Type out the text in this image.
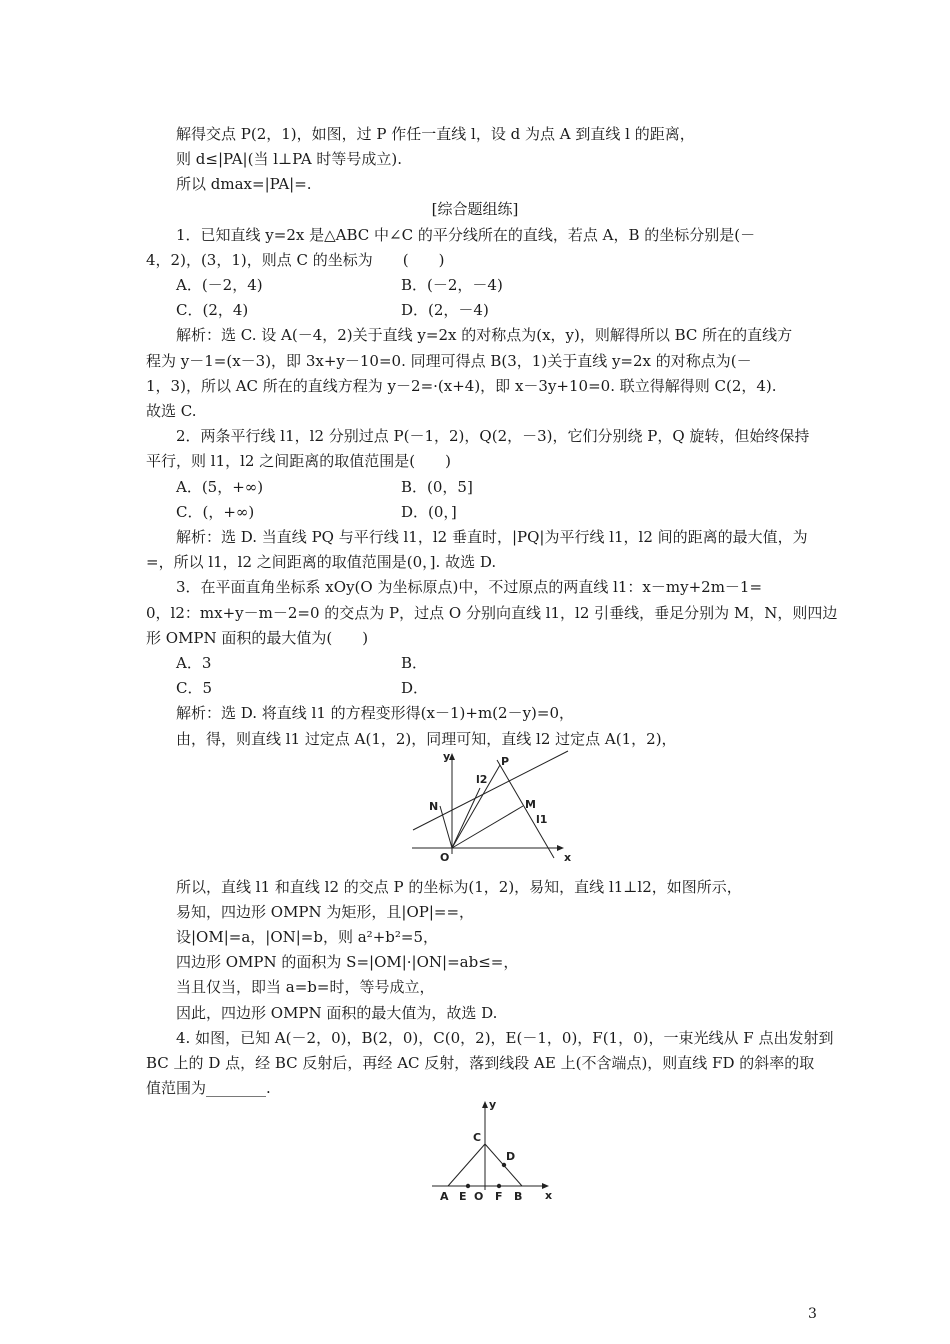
解得交点 P(2，1)，如图，过 P 作任一直线 l，设 d 为点 A 到直线 l 的距离，
则 d≤|PA|(当 l⊥PA 时等号成立).
所以 dmax=|PA|=.
[综合题组练]
1．已知直线 y=2x 是△ABC 中∠C 的平分线所在的直线，若点 A，B 的坐标分别是(－
4，2)，(3，1)，则点 C 的坐标为　　(　　)
A．(－2，4)	B．(－2，－4)
C．(2，4)	D．(2，－4)
解析：选 C. 设 A(－4，2)关于直线 y=2x 的对称点为(x，y)，则解得所以 BC 所在的直线方
程为 y－1=(x－3)，即 3x+y－10=0. 同理可得点 B(3，1)关于直线 y=2x 的对称点为(－
1，3)，所以 AC 所在的直线方程为 y－2=·(x+4)，即 x－3y+10=0. 联立得解得则 C(2，4).
故选 C.
2．两条平行线 l1，l2 分别过点 P(－1，2)，Q(2，－3)，它们分别绕 P，Q 旋转，但始终保持
平行，则 l1，l2 之间距离的取值范围是(　　)
A．(5，+∞)	B．(0，5]
C．(，+∞)	D．(0，]
解析：选 D. 当直线 PQ 与平行线 l1，l2 垂直时，|PQ|为平行线 l1，l2 间的距离的最大值，为
=，所以 l1，l2 之间距离的取值范围是(0，]. 故选 D.
3．在平面直角坐标系 xOy(O 为坐标原点)中，不过原点的两直线 l1：x－my+2m－1=
0，l2：mx+y－m－2=0 的交点为 P，过点 O 分别向直线 l1，l2 引垂线，垂足分别为 M，N，则四边
形 OMPN 面积的最大值为(　　)
A．3	B．
C．5	D．
解析：选 D. 将直线 l1 的方程变形得(x－1)+m(2－y)=0，
由，得，则直线 l1 过定点 A(1，2)，同理可知，直线 l2 过定点 A(1，2)，
y
x
O
N
P
M
l2
l1
所以，直线 l1 和直线 l2 的交点 P 的坐标为(1，2)，易知，直线 l1⊥l2，如图所示，
易知，四边形 OMPN 为矩形，且|OP|==，
设|OM|=a，|ON|=b，则 a²+b²=5，
四边形 OMPN 的面积为 S=|OM|·|ON|=ab≤=，
当且仅当，即当 a=b=时，等号成立，
因此，四边形 OMPN 面积的最大值为，故选 D.
4. 如图，已知 A(－2，0)，B(2，0)，C(0，2)，E(－1，0)，F(1，0)，一束光线从 F 点出发射到
BC 上的 D 点，经 BC 反射后，再经 AC 反射，落到线段 AE 上(不含端点)，则直线 FD 的斜率的取
值范围为________.
y
x
C
D
A E O F B
3
